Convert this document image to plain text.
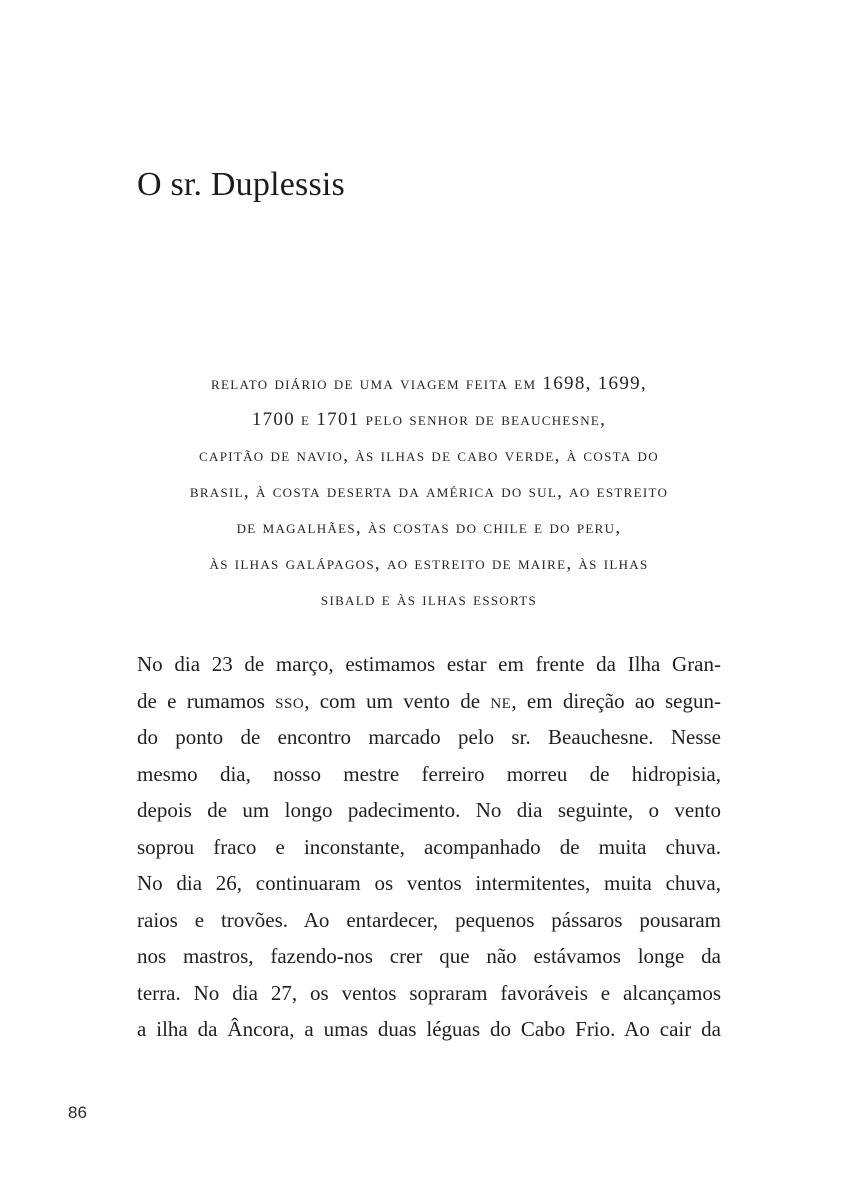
O sr. Duplessis
relato diário de uma viagem feita em 1698, 1699,
1700 e 1701 pelo senhor de beauchesne,
capitão de navio, às ilhas de cabo verde, à costa do
brasil, à costa deserta da américa do sul, ao estreito
de magalhães, às costas do chile e do peru,
às ilhas galápagos, ao estreito de maire, às ilhas
sibald e às ilhas essorts
No dia 23 de março, estimamos estar em frente da Ilha Gran-
de e rumamos sso, com um vento de ne, em direção ao segun-
do ponto de encontro marcado pelo sr. Beauchesne. Nesse
mesmo dia, nosso mestre ferreiro morreu de hidropisia,
depois de um longo padecimento. No dia seguinte, o vento
soprou fraco e inconstante, acompanhado de muita chuva.
No dia 26, continuaram os ventos intermitentes, muita chuva,
raios e trovões. Ao entardecer, pequenos pássaros pousaram
nos mastros, fazendo-nos crer que não estávamos longe da
terra. No dia 27, os ventos sopraram favoráveis e alcançamos
a ilha da Âncora, a umas duas léguas do Cabo Frio. Ao cair da
86
